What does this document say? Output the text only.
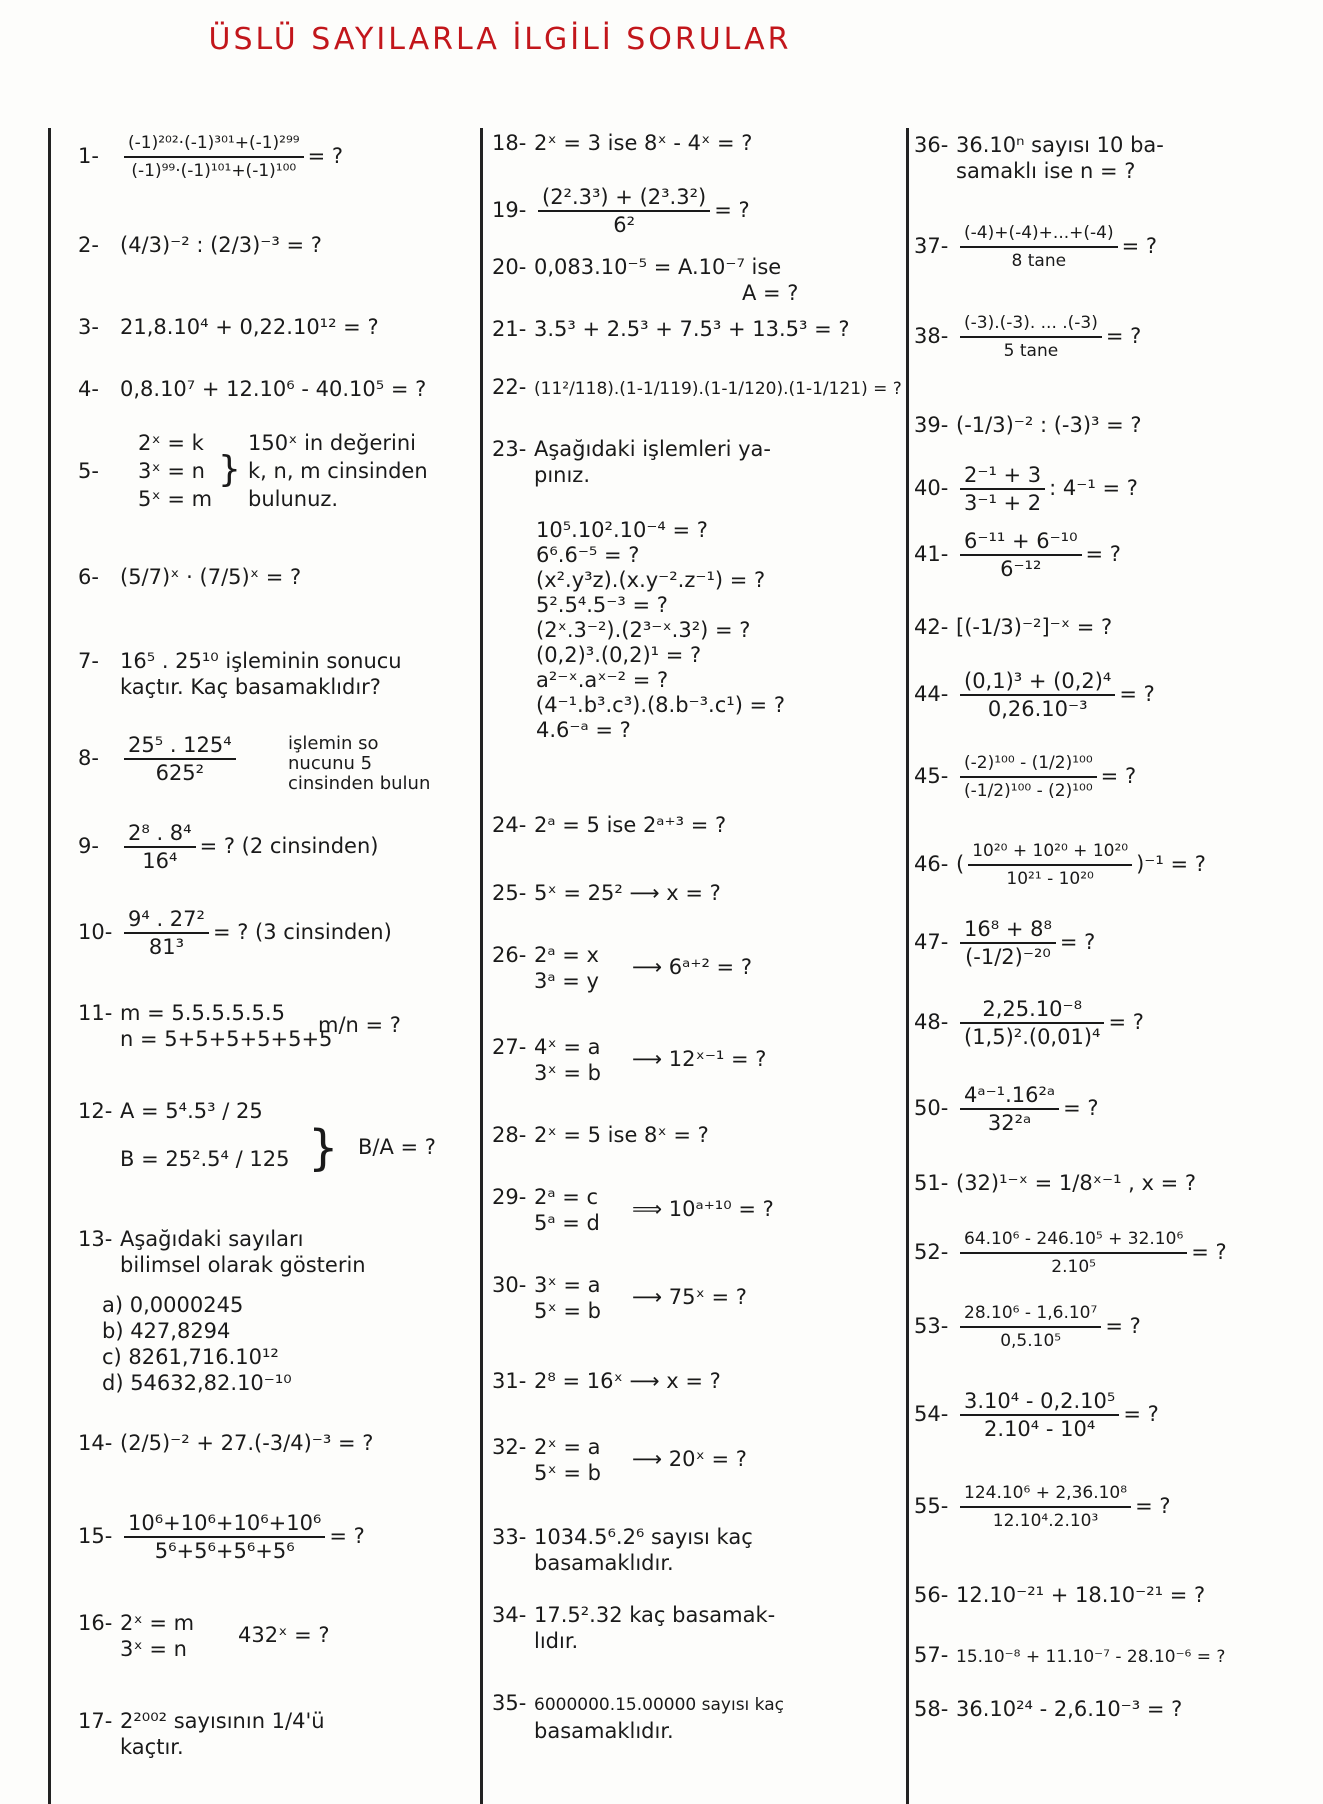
ÜSLÜ SAYILARLA İLGİLİ SORULAR
$1- \frac{\text{(-1)²⁰²·(-1)³⁰¹+(-1)²⁹⁹}}{\text{(-1)⁹⁹·(-1)¹⁰¹+(-1)¹⁰⁰}}$ = ?
2- (4/3)⁻² : (2/3)⁻³ = ?
3- 21,8.10⁴ + 0,22.10¹² = ?
4- 0,8.10⁷ + 12.10⁶ - 40.10⁵ = ?
5-
2ˣ = k
3ˣ = n
5ˣ = m
}
150ˣ in değerini
k, n, m cinsinden
bulunuz.
6- (5/7)ˣ · (7/5)ˣ = ?
7- 16⁵ . 25¹⁰ işleminin sonucu
kaçtır. Kaç basamaklıdır?
$8- \frac{\text{25⁵ . 125⁴}}{\text{625²}}$	işlemin so
nucunu 5
cinsinden bulun
$9- \frac{\text{2⁸ . 8⁴}}{\text{16⁴}}$ = ? (2 cinsinden)
$10- \frac{\text{9⁴ . 27²}}{\text{81³}}$ = ? (3 cinsinden)
11- m = 5.5.5.5.5.5
n = 5+5+5+5+5+5
m/n = ?
12- A = 5⁴.5³ / 25
B = 25².5⁴ / 125 } B/A = ?
13- Aşağıdaki sayıları
bilimsel olarak gösterin
a) 0,0000245
b) 427,8294
c) 8261,716.10¹²
d) 54632,82.10⁻¹⁰
14- (2/5)⁻² + 27.(-3/4)⁻³ = ?
$15- \frac{\text{10⁶+10⁶+10⁶+10⁶}}{\text{5⁶+5⁶+5⁶+5⁶}}$ = ?
16- 2ˣ = m
3ˣ = n
432ˣ = ?
17- 2²⁰⁰² sayısının 1/4'ü
kaçtır.
18- 2ˣ = 3 ise 8ˣ - 4ˣ = ?
$19- \frac{\text{(2².3³) + (2³.3²)}}{\text{6²}}$ = ?
20- 0,083.10⁻⁵ = A.10⁻⁷ ise
A = ?
21- 3.5³ + 2.5³ + 7.5³ + 13.5³ = ?
22- (11²/118).(1-1/119).(1-1/120).(1-1/121) = ?
23- Aşağıdaki işlemleri ya-
pınız.
10⁵.10².10⁻⁴ = ?
6⁶.6⁻⁵ = ?
(x².y³z).(x.y⁻².z⁻¹) = ?
5².5⁴.5⁻³ = ?
(2ˣ.3⁻²).(2³⁻ˣ.3²) = ?
(0,2)³.(0,2)¹ = ?
a²⁻ˣ.aˣ⁻² = ?
(4⁻¹.b³.c³).(8.b⁻³.c¹) = ?
4.6⁻ᵃ = ?
24- 2ᵃ = 5 ise 2ᵃ⁺³ = ?
25- 5ˣ = 25² ⟶ x = ?
26- 2ᵃ = x
3ᵃ = y
⟶ 6ᵃ⁺² = ?
27- 4ˣ = a
3ˣ = b
⟶ 12ˣ⁻¹ = ?
28- 2ˣ = 5 ise 8ˣ = ?
29- 2ᵃ = c
5ᵃ = d
⟹ 10ᵃ⁺¹⁰ = ?
30- 3ˣ = a
5ˣ = b
⟶ 75ˣ = ?
31- 2⁸ = 16ˣ ⟶ x = ?
32- 2ˣ = a
5ˣ = b
⟶ 20ˣ = ?
33- 1034.5⁶.2⁶ sayısı kaç
basamaklıdır.
34- 17.5².32 kaç basamak-
lıdır.
35- 6000000.15.00000 sayısı kaç
basamaklıdır.
36- 36.10ⁿ sayısı 10 ba-
samaklı ise n = ?
$37- \frac{(-4)+(-4)+...+(-4)}{8 \tan e}$ = ?
$38- \frac{(-3).(-3). ... .(-3)}{5 \tan e}$ = ?
39- (-1/3)⁻² : (-3)³ = ?
$40- \frac{\text{2⁻¹ + 3}}{\text{3⁻¹ + 2}}$ : 4⁻¹ = ?
$41- \frac{\text{6⁻¹¹ + 6⁻¹⁰}}{\text{6⁻¹²}}$ = ?
42- [(-1/3)⁻²]⁻ˣ = ?
$44- \frac{\text{(0,1)³ + (0,2)⁴}}{\text{0,26.10⁻³}}$ = ?
$45- \frac{\text{(-2)¹⁰⁰ - (1/2)¹⁰⁰}}{\text{(-1/2)¹⁰⁰ - (2)¹⁰⁰}}$ = ?
46- ( $\frac{\text{10²⁰ + 10²⁰ + 10²⁰}}{\text{10²¹ - 10²⁰}} )^{-1}$ = ?
$47- \frac{\text{16⁸ + 8⁸}}{\text{(-1/2)⁻²⁰}}$ = ?
$48- \frac{\text{2,25.10⁻⁸}}{\text{(1,5)².(0,01)⁴}}$ = ?
$50- \frac{\text{4ᵃ⁻¹.16²ᵃ}}{\text{32²ᵃ}}$ = ?
51- (32)¹⁻ˣ = 1/8ˣ⁻¹ , x = ?
$52- \frac{\text{64.10⁶ - 246.10⁵ + 32.10⁶}}{\text{2.10⁵}}$ = ?
$53- \frac{\text{28.10⁶ - 1,6.10⁷}}{\text{0,5.10⁵}}$ = ?
$54- \frac{\text{3.10⁴ - 0,2.10⁵}}{\text{2.10⁴ - 10⁴}}$ = ?
$55- \frac{\text{124.10⁶ + 2,36.10⁸}}{\text{12.10⁴.2.10³}}$ = ?
56- 12.10⁻²¹ + 18.10⁻²¹ = ?
57- 15.10⁻⁸ + 11.10⁻⁷ - 28.10⁻⁶ = ?
58- 36.10²⁴ - 2,6.10⁻³ = ?
